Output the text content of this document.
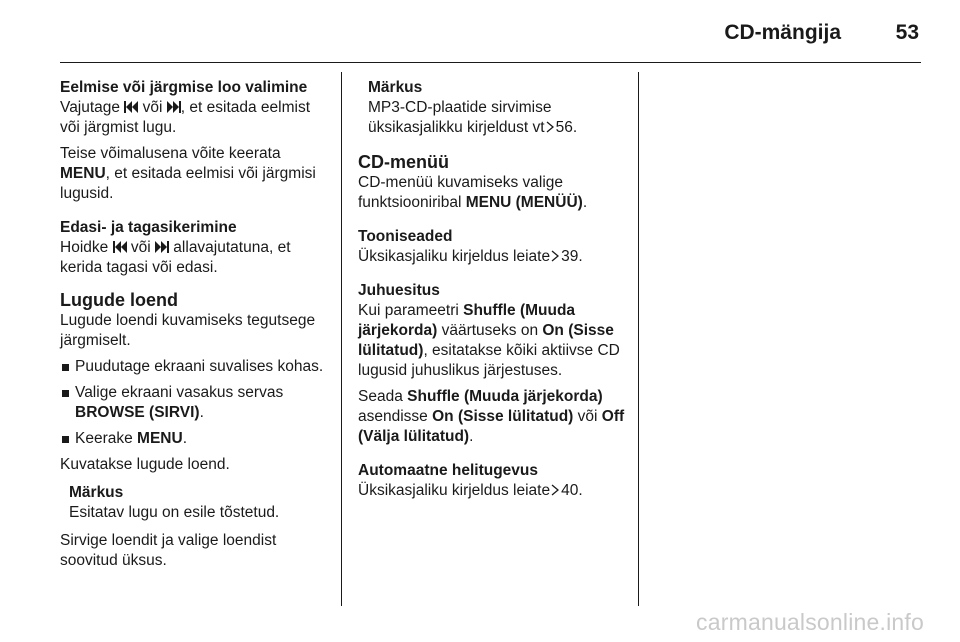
CD-mängija	53
Eelmise või järgmise loo valimine

Vajutage  või , et esitada eelmist või järgmist lugu.

Teise võimalusena võite keerata MENU, et esitada eelmisi või järgmisi lugusid.

Edasi- ja tagasikerimine

Hoidke  või  allavajutatuna, et kerida tagasi või edasi.

Lugude loend

Lugude loendi kuvamiseks tegutsege järgmiselt.

Puudutage ekraani suvalises kohas.
Valige ekraani vasakus servas BROWSE (SIRVI).
Keerake MENU.

Kuvatakse lugude loend.

Märkus
Esitatav lugu on esile tõstetud.

Sirvige loendit ja valige loendist soovitud üksus.

Märkus
MP3-CD-plaatide sirvimise üksikasjalikku kirjeldust vt 56.
CD-menüü

CD-menüü kuvamiseks valige funktsiooniribal MENU (MENÜÜ).

Tooniseaded

Üksikasjaliku kirjeldus leiate 39.

Juhuesitus

Kui parameetri Shuffle (Muuda järjekorda) väärtuseks on On (Sisse lülitatud), esitatakse kõiki aktiivse CD lugusid juhuslikus järjestuses.

Seada Shuffle (Muuda järjekorda) asendisse On (Sisse lülitatud) või Off (Välja lülitatud).

Automaatne helitugevus

Üksikasjaliku kirjeldus leiate 40.

carmanualsonline.info
